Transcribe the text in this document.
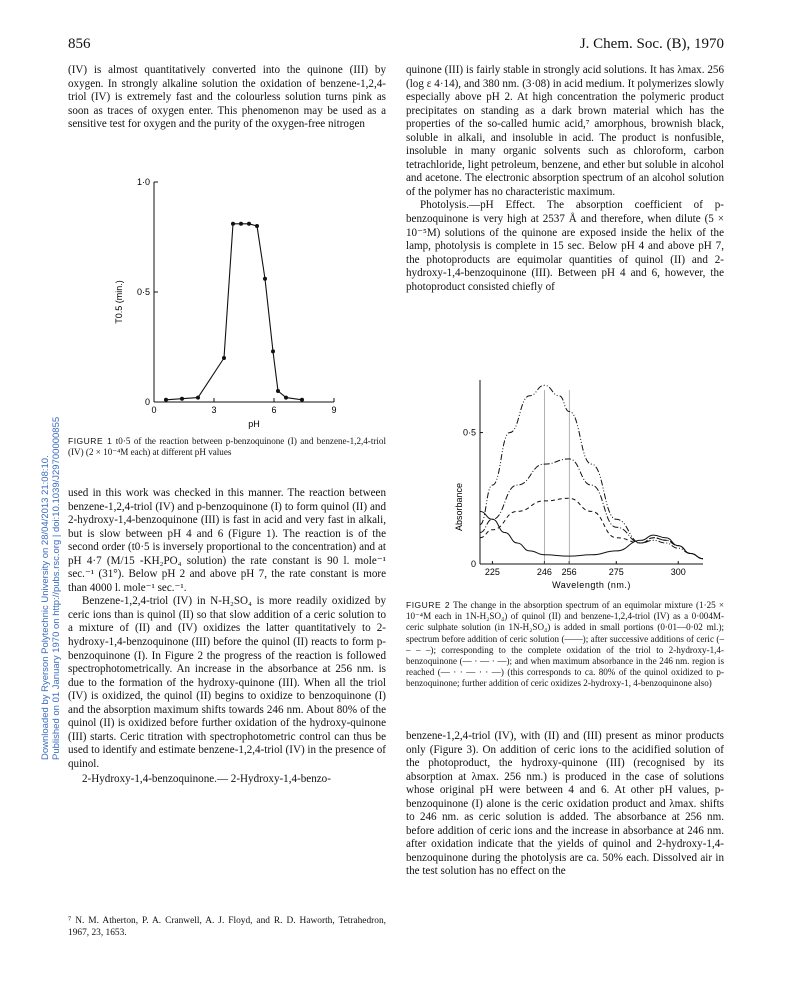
856	J. Chem. Soc. (B), 1970
Downloaded by Ryerson Polytechnic University on 28/04/2013 21:08:10. Published on 01 January 1970 on http://pubs.rsc.org | doi:10.1039/J29700000855

(IV) is almost quantitatively converted into the quinone (III) by oxygen. In strongly alkaline solution the oxidation of benzene-1,2,4-triol (IV) is extremely fast and the colourless solution turns pink as soon as traces of oxygen enter. This phenomenon may be used as a sensitive test for oxygen and the purity of the oxygen-free nitrogen

0	3	6	9
0
0·5
1·0
pH
T0.5 (min.)
FIGURE 1 t0·5 of the reaction between p-benzoquinone (I) and benzene-1,2,4-triol (IV) (2 × 10⁻⁴M each) at different pH values

used in this work was checked in this manner. The reaction between benzene-1,2,4-triol (IV) and p-benzoquinone (I) to form quinol (II) and 2-hydroxy-1,4-benzoquinone (III) is fast in acid and very fast in alkali, but is slow between pH 4 and 6 (Figure 1). The reaction is of the second order (t0·5 is inversely proportional to the concentration) and at pH 4·7 (M/15 -KH₂PO₄ solution) the rate constant is 90 l. mole⁻¹ sec.⁻¹ (31°). Below pH 2 and above pH 7, the rate constant is more than 4000 l. mole⁻¹ sec.⁻¹.

Benzene-1,2,4-triol (IV) in N-H₂SO₄ is more readily oxidized by ceric ions than is quinol (II) so that slow addition of a ceric solution to a mixture of (II) and (IV) oxidizes the latter quantitatively to 2-hydroxy-1,4-benzoquinone (III) before the quinol (II) reacts to form p-benzoquinone (I). In Figure 2 the progress of the reaction is followed spectrophotometrically. An increase in the absorbance at 256 nm. is due to the formation of the hydroxy-quinone (III). When all the triol (IV) is oxidized, the quinol (II) begins to oxidize to benzoquinone (I) and the absorption maximum shifts towards 246 nm. About 80% of the quinol (II) is oxidized before further oxidation of the hydroxy-quinone (III) starts. Ceric titration with spectrophotometric control can thus be used to identify and estimate benzene-1,2,4-triol (IV) in the presence of quinol.

2-Hydroxy-1,4-benzoquinone.— 2-Hydroxy-1,4-benzo-

⁷ N. M. Atherton, P. A. Cranwell, A. J. Floyd, and R. D. Haworth, Tetrahedron, 1967, 23, 1653.

quinone (III) is fairly stable in strongly acid solutions. It has λmax. 256 (log ε 4·14), and 380 nm. (3·08) in acid medium. It polymerizes slowly especially above pH 2. At high concentration the polymeric product precipitates on standing as a dark brown material which has the properties of the so-called humic acid,⁷ amorphous, brownish black, soluble in alkali, and insoluble in acid. The product is nonfusible, insoluble in many organic solvents such as chloroform, carbon tetrachloride, light petroleum, benzene, and ether but soluble in alcohol and acetone. The electronic absorption spectrum of an alcohol solution of the polymer has no characteristic maximum.

Photolysis.—pH Effect. The absorption coefficient of p-benzoquinone is very high at 2537 Å and therefore, when dilute (5 × 10⁻⁵M) solutions of the quinone are exposed inside the helix of the lamp, photolysis is complete in 15 sec. Below pH 4 and above pH 7, the photoproducts are equimolar quantities of quinol (II) and 2-hydroxy-1,4-benzoquinone (III). Between pH 4 and 6, however, the photoproduct consisted chiefly of

225	246 256	275	300
0
0·5
Wavelength (nm.)
Absorbance
FIGURE 2 The change in the absorption spectrum of an equimolar mixture (1·25 × 10⁻⁴M each in 1N-H₂SO₄) of quinol (II) and benzene-1,2,4-triol (IV) as a 0·004M-ceric sulphate solution (in 1N-H₂SO₄) is added in small portions (0·01—0·02 ml.); spectrum before addition of ceric solution (——); after successive additions of ceric (– – – –); corresponding to the complete oxidation of the triol to 2-hydroxy-1,4-benzoquinone (— · — · —); and when maximum absorbance in the 246 nm. region is reached (— · · — · · —) (this corresponds to ca. 80% of the quinol oxidized to p-benzoquinone; further addition of ceric oxidizes 2-hydroxy-1, 4-benzoquinone also)

benzene-1,2,4-triol (IV), with (II) and (III) present as minor products only (Figure 3). On addition of ceric ions to the acidified solution of the photoproduct, the hydroxy-quinone (III) (recognised by its absorption at λmax. 256 nm.) is produced in the case of solutions whose original pH were between 4 and 6. At other pH values, p-benzoquinone (I) alone is the ceric oxidation product and λmax. shifts to 246 nm. as ceric solution is added. The absorbance at 256 nm. before addition of ceric ions and the increase in absorbance at 246 nm. after oxidation indicate that the yields of quinol and 2-hydroxy-1,4-benzoquinone during the photolysis are ca. 50% each. Dissolved air in the test solution has no effect on the
